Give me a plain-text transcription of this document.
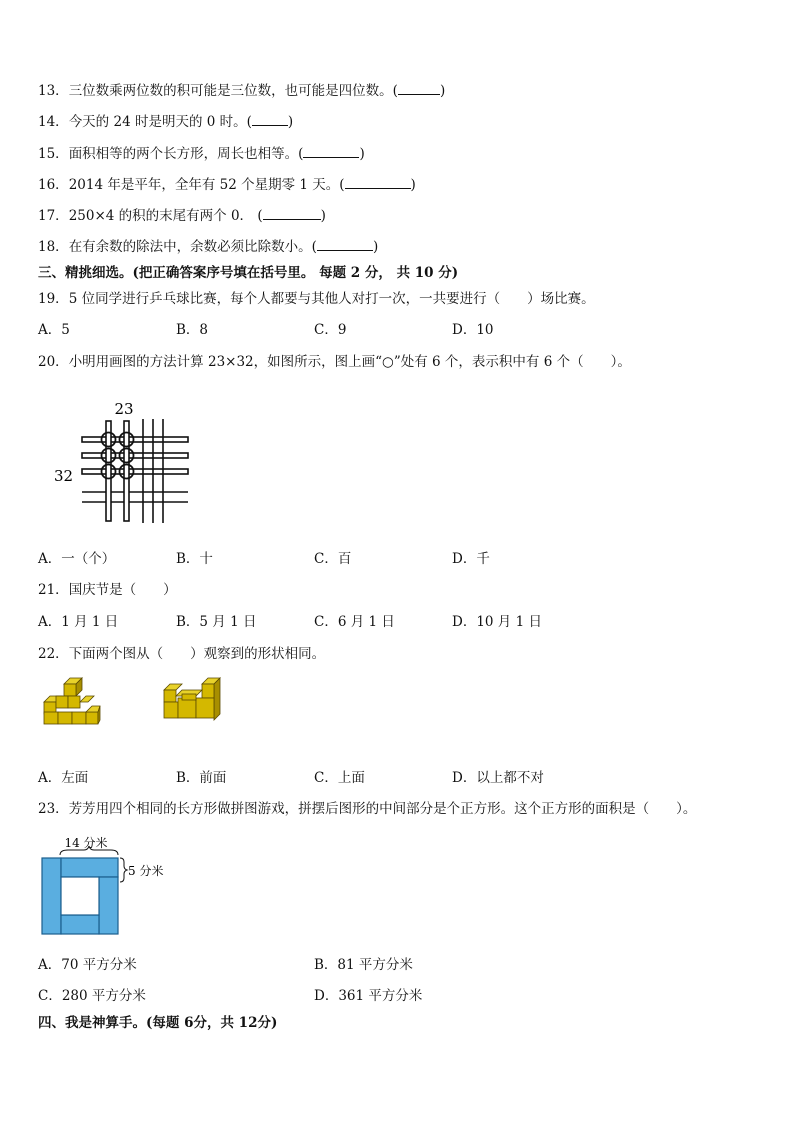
13．三位数乘两位数的积可能是三位数，也可能是四位数。(	)
14．今天的 24 时是明天的 0 时。(	)
15．面积相等的两个长方形，周长也相等。(	)
16．2014 年是平年，全年有 52 个星期零 1 天。(	)
17．250×4 的积的末尾有两个 0． (	)
18．在有余数的除法中，余数必须比除数小。(	)
三、精挑细选。(把正确答案序号填在括号里。 每题 2 分， 共 10 分)
19．5 位同学进行乒乓球比赛，每个人都要与其他人对打一次，一共要进行（　　）场比赛。
A．5	B．8	C．9	D．10
20．小明用画图的方法计算 23×32，如图所示，图上画“○”处有 6 个，表示积中有 6 个（　　）。
23
32
A．一（个）	B．十	C．百	D．千
21．国庆节是（　　）
A．1 月 1 日	B．5 月 1 日	C．6 月 1 日	D．10 月 1 日
22．下面两个图从（　　）观察到的形状相同。
A．左面	B．前面	C．上面	D．以上都不对
23．芳芳用四个相同的长方形做拼图游戏，拼摆后图形的中间部分是个正方形。这个正方形的面积是（　　）。
14 分米
5 分米
A．70 平方分米	B．81 平方分米
C．280 平方分米	D．361 平方分米
四、我是神算手。(每题 6分，共 12分)
